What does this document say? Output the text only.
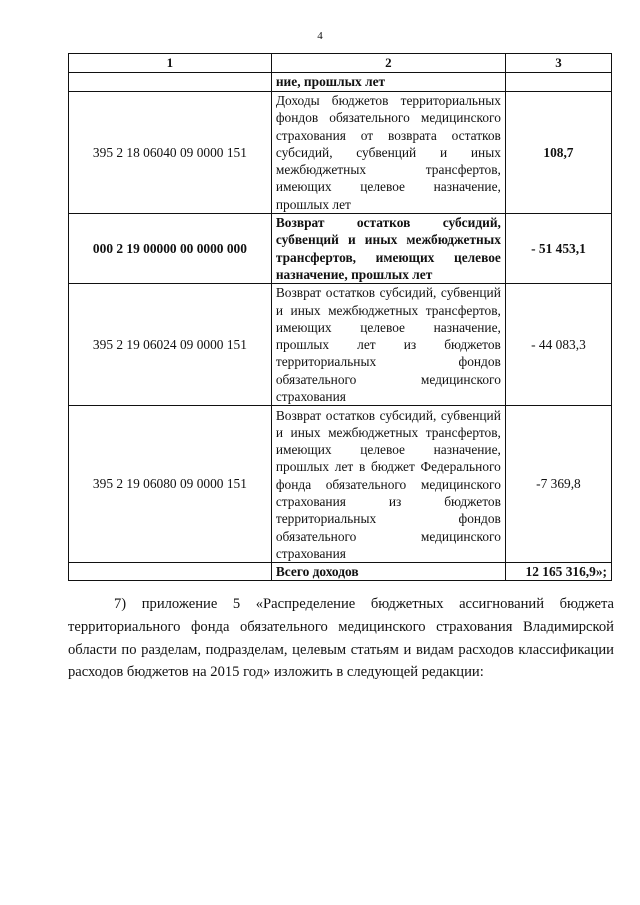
4
1	2	3
	ние, прошлых лет	
395 2 18 06040 09 0000 151	Доходы бюджетов территориальных фондов обязательного медицинского страхования от возврата остатков субсидий, субвенций и иных межбюджетных трансфертов, имеющих целевое назначение, прошлых лет	108,7
000 2 19 00000 00 0000 000	Возврат остатков субсидий, субвенций и иных межбюджетных трансфертов, имеющих целевое назначение, прошлых лет	- 51 453,1
395 2 19 06024 09 0000 151	Возврат остатков субсидий, субвенций и иных межбюджетных трансфертов, имеющих целевое назначение, прошлых лет из бюджетов территориальных фондов обязательного медицинского страхования	- 44 083,3
395 2 19 06080 09 0000 151	Возврат остатков субсидий, субвенций и иных межбюджетных трансфертов, имеющих целевое назначение, прошлых лет в бюджет Федерального фонда обязательного медицинского страхования из бюджетов территориальных фондов обязательного медицинского страхования	-7 369,8
	Всего доходов	12 165 316,9»;
7) приложение 5 «Распределение бюджетных ассигнований бюджета территориального фонда обязательного медицинского страхования Владимирской области по разделам, подразделам, целевым статьям и видам расходов классификации расходов бюджетов на 2015 год» изложить в следующей редакции:
